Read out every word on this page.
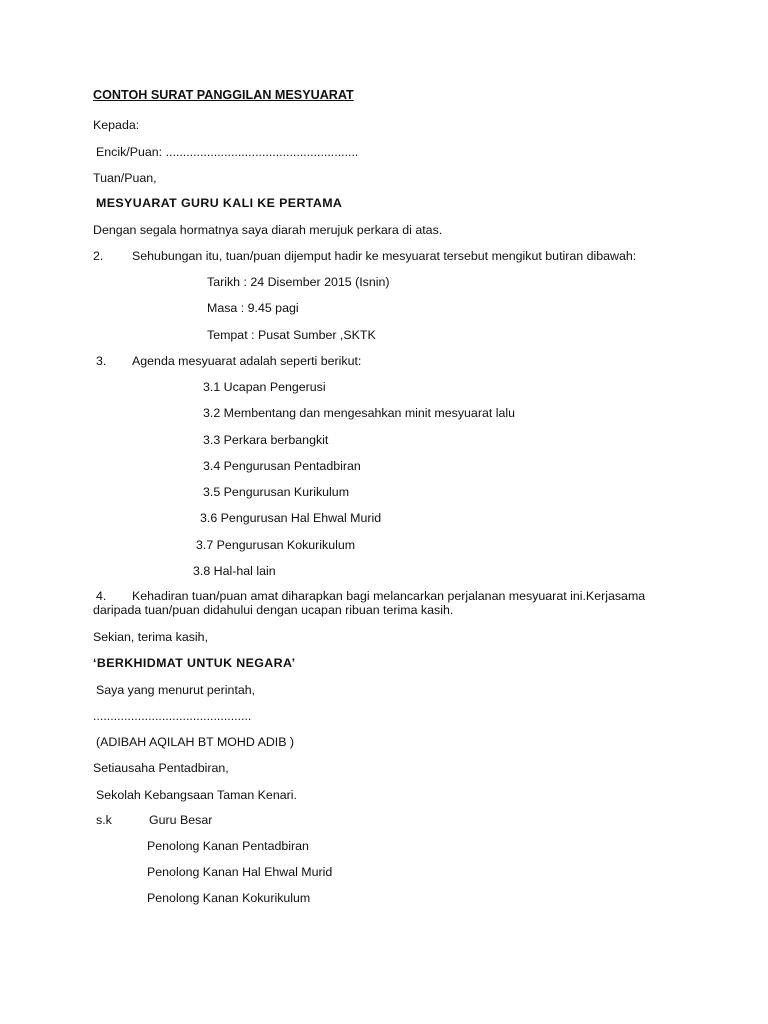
CONTOH SURAT PANGGILAN MESYUARAT
Kepada:
Encik/Puan: ........................................................
Tuan/Puan,
MESYUARAT GURU KALI KE PERTAMA
Dengan segala hormatnya saya diarah merujuk perkara di atas.
2. Sehubungan itu, tuan/puan dijemput hadir ke mesyuarat tersebut mengikut butiran dibawah:
Tarikh : 24 Disember 2015 (Isnin)
Masa : 9.45 pagi
Tempat : Pusat Sumber ,SKTK
3. Agenda mesyuarat adalah seperti berikut:
3.1 Ucapan Pengerusi
3.2 Membentang dan mengesahkan minit mesyuarat lalu
3.3 Perkara berbangkit
3.4 Pengurusan Pentadbiran
3.5 Pengurusan Kurikulum
3.6 Pengurusan Hal Ehwal Murid
3.7 Pengurusan Kokurikulum
3.8 Hal-hal lain
4. Kehadiran tuan/puan amat diharapkan bagi melancarkan perjalanan mesyuarat ini.Kerjasama
daripada tuan/puan didahului dengan ucapan ribuan terima kasih.
Sekian, terima kasih,
‘BERKHIDMAT UNTUK NEGARA’
Saya yang menurut perintah,
..............................................
(ADIBAH AQILAH BT MOHD ADIB )
Setiausaha Pentadbiran,
Sekolah Kebangsaan Taman Kenari.
s.k	Guru Besar
Penolong Kanan Pentadbiran
Penolong Kanan Hal Ehwal Murid
Penolong Kanan Kokurikulum
